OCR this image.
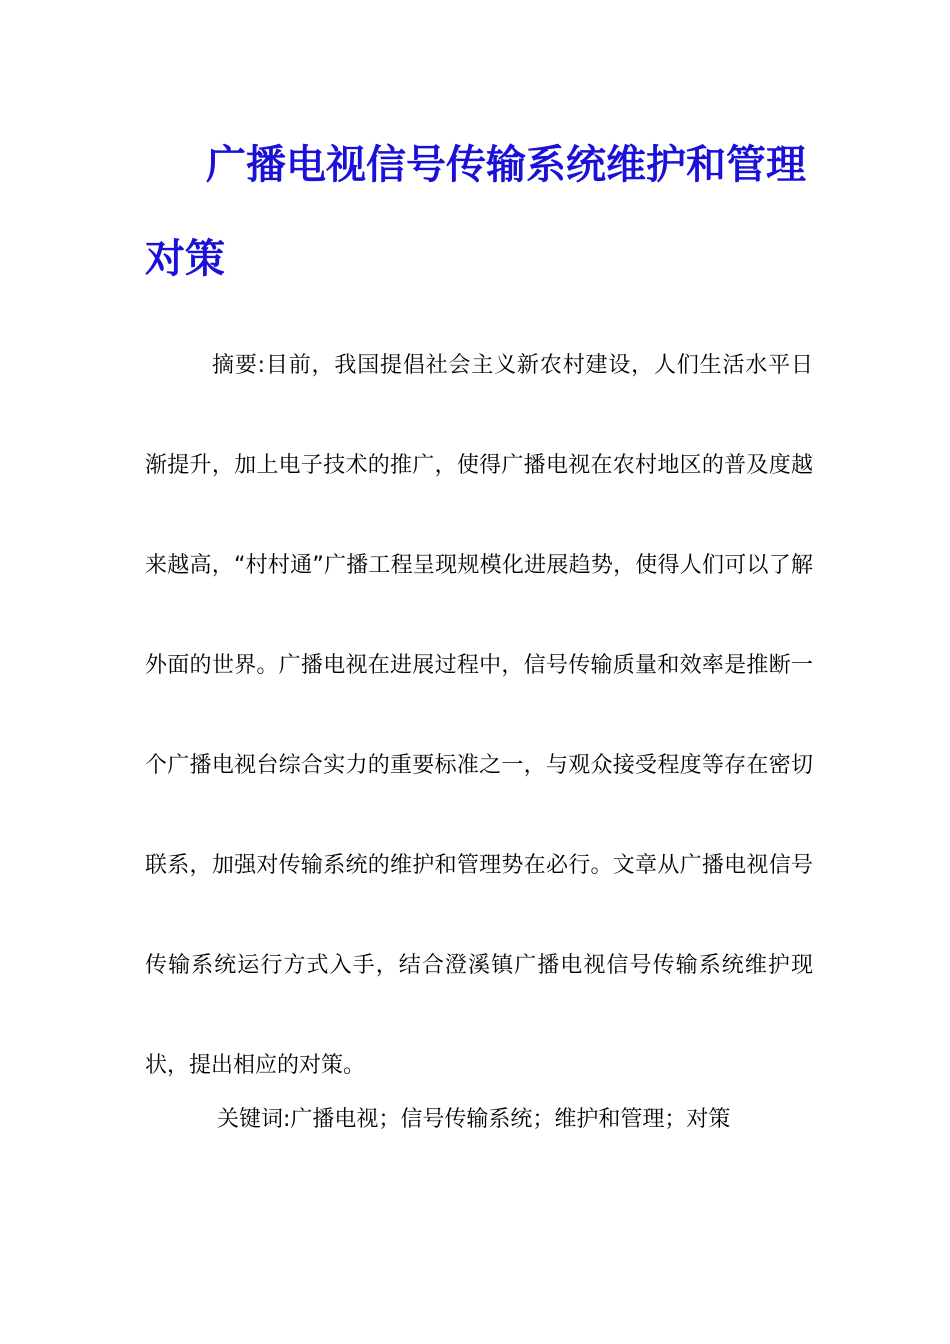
广播电视信号传输系统维护和管理对策

摘要:目前，我国提倡社会主义新农村建设，人们生活水平日渐提升，加上电子技术的推广，使得广播电视在农村地区的普及度越来越高，“村村通”广播工程呈现规模化进展趋势，使得人们可以了解外面的世界。广播电视在进展过程中，信号传输质量和效率是推断一个广播电视台综合实力的重要标准之一，与观众接受程度等存在密切联系，加强对传输系统的维护和管理势在必行。文章从广播电视信号传输系统运行方式入手，结合澄溪镇广播电视信号传输系统维护现状，提出相应的对策。

关键词:广播电视；信号传输系统；维护和管理；对策
